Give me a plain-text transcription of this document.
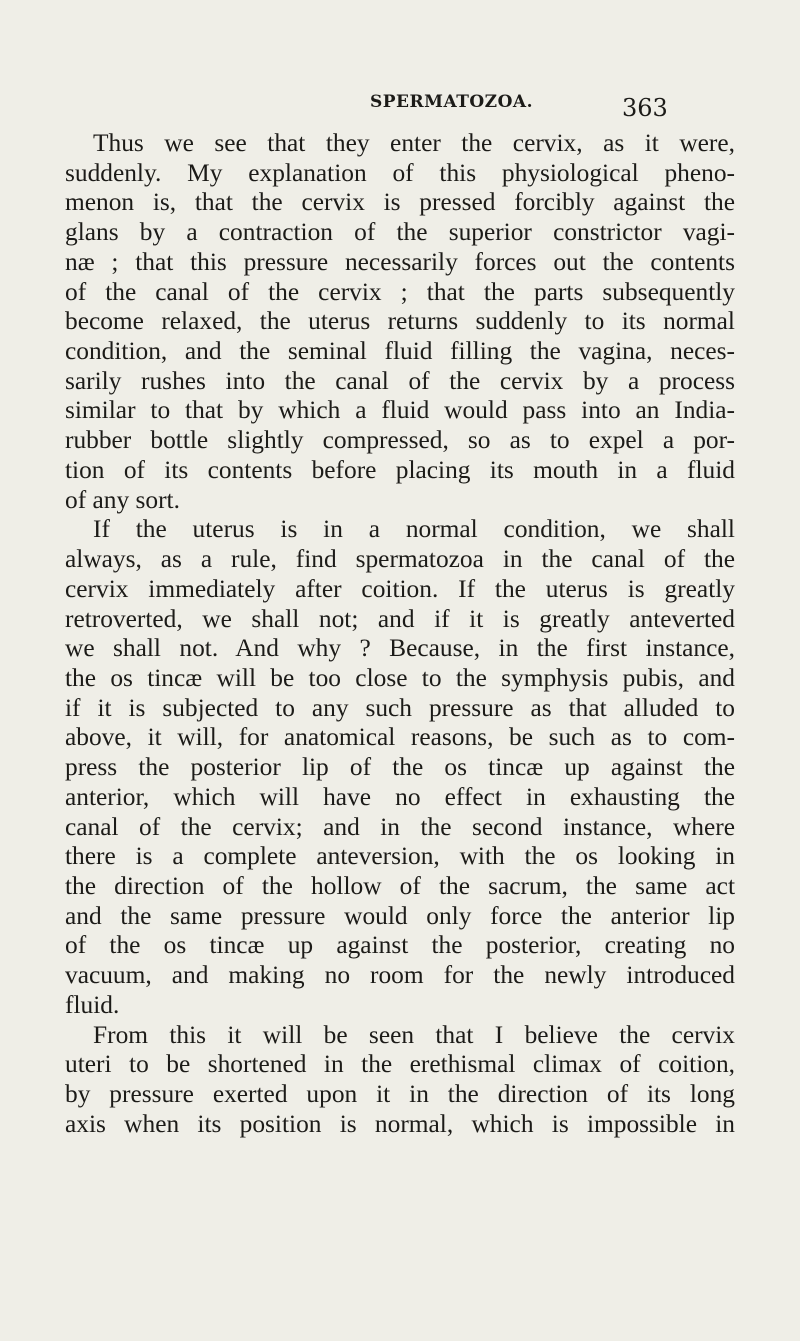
SPERMATOZOA.	363
Thus we see that they enter the cervix, as it were,
suddenly. My explanation of this physiological pheno-
menon is, that the cervix is pressed forcibly against the
glans by a contraction of the superior constrictor vagi-
næ ; that this pressure necessarily forces out the contents
of the canal of the cervix ; that the parts subsequently
become relaxed, the uterus returns suddenly to its normal
condition, and the seminal fluid filling the vagina, neces-
sarily rushes into the canal of the cervix by a process
similar to that by which a fluid would pass into an India-
rubber bottle slightly compressed, so as to expel a por-
tion of its contents before placing its mouth in a fluid
of any sort.
If the uterus is in a normal condition, we shall
always, as a rule, find spermatozoa in the canal of the
cervix immediately after coition. If the uterus is greatly
retroverted, we shall not; and if it is greatly anteverted
we shall not. And why ? Because, in the first instance,
the os tincæ will be too close to the symphysis pubis, and
if it is subjected to any such pressure as that alluded to
above, it will, for anatomical reasons, be such as to com-
press the posterior lip of the os tincæ up against the
anterior, which will have no effect in exhausting the
canal of the cervix; and in the second instance, where
there is a complete anteversion, with the os looking in
the direction of the hollow of the sacrum, the same act
and the same pressure would only force the anterior lip
of the os tincæ up against the posterior, creating no
vacuum, and making no room for the newly introduced
fluid.
From this it will be seen that I believe the cervix
uteri to be shortened in the erethismal climax of coition,
by pressure exerted upon it in the direction of its long
axis when its position is normal, which is impossible in
